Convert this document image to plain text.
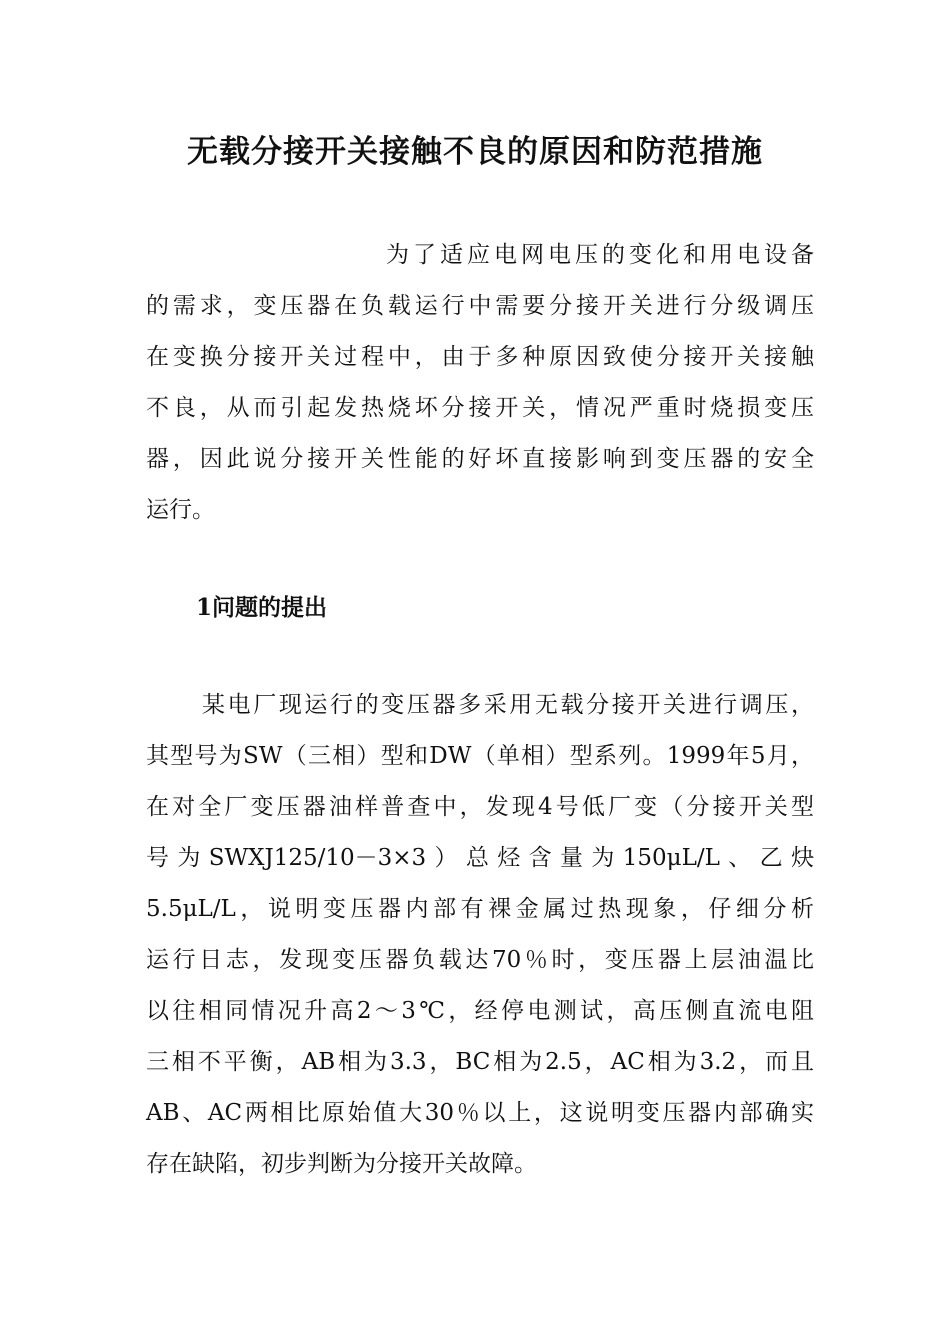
无载分接开关接触不良的原因和防范措施
为了适应电网电压的变化和用电设备
的需求，变压器在负载运行中需要分接开关进行分级调压
在变换分接开关过程中，由于多种原因致使分接开关接触
不良，从而引起发热烧坏分接开关，情况严重时烧损变压
器，因此说分接开关性能的好坏直接影响到变压器的安全
运行。
1问题的提出
某电厂现运行的变压器多采用无载分接开关进行调压，
其型号为SW（三相）型和DW（单相）型系列。1999年5月，
在对全厂变压器油样普查中，发现4号低厂变（分接开关型
号为SWXJ125/10－3×3）总烃含量为150μL/L、乙炔
5.5μL/L，说明变压器内部有裸金属过热现象，仔细分析
运行日志，发现变压器负载达70％时，变压器上层油温比
以往相同情况升高2～3℃，经停电测试，高压侧直流电阻
三相不平衡，AB相为3.3，BC相为2.5，AC相为3.2，而且
AB、AC两相比原始值大30％以上，这说明变压器内部确实
存在缺陷，初步判断为分接开关故障。
